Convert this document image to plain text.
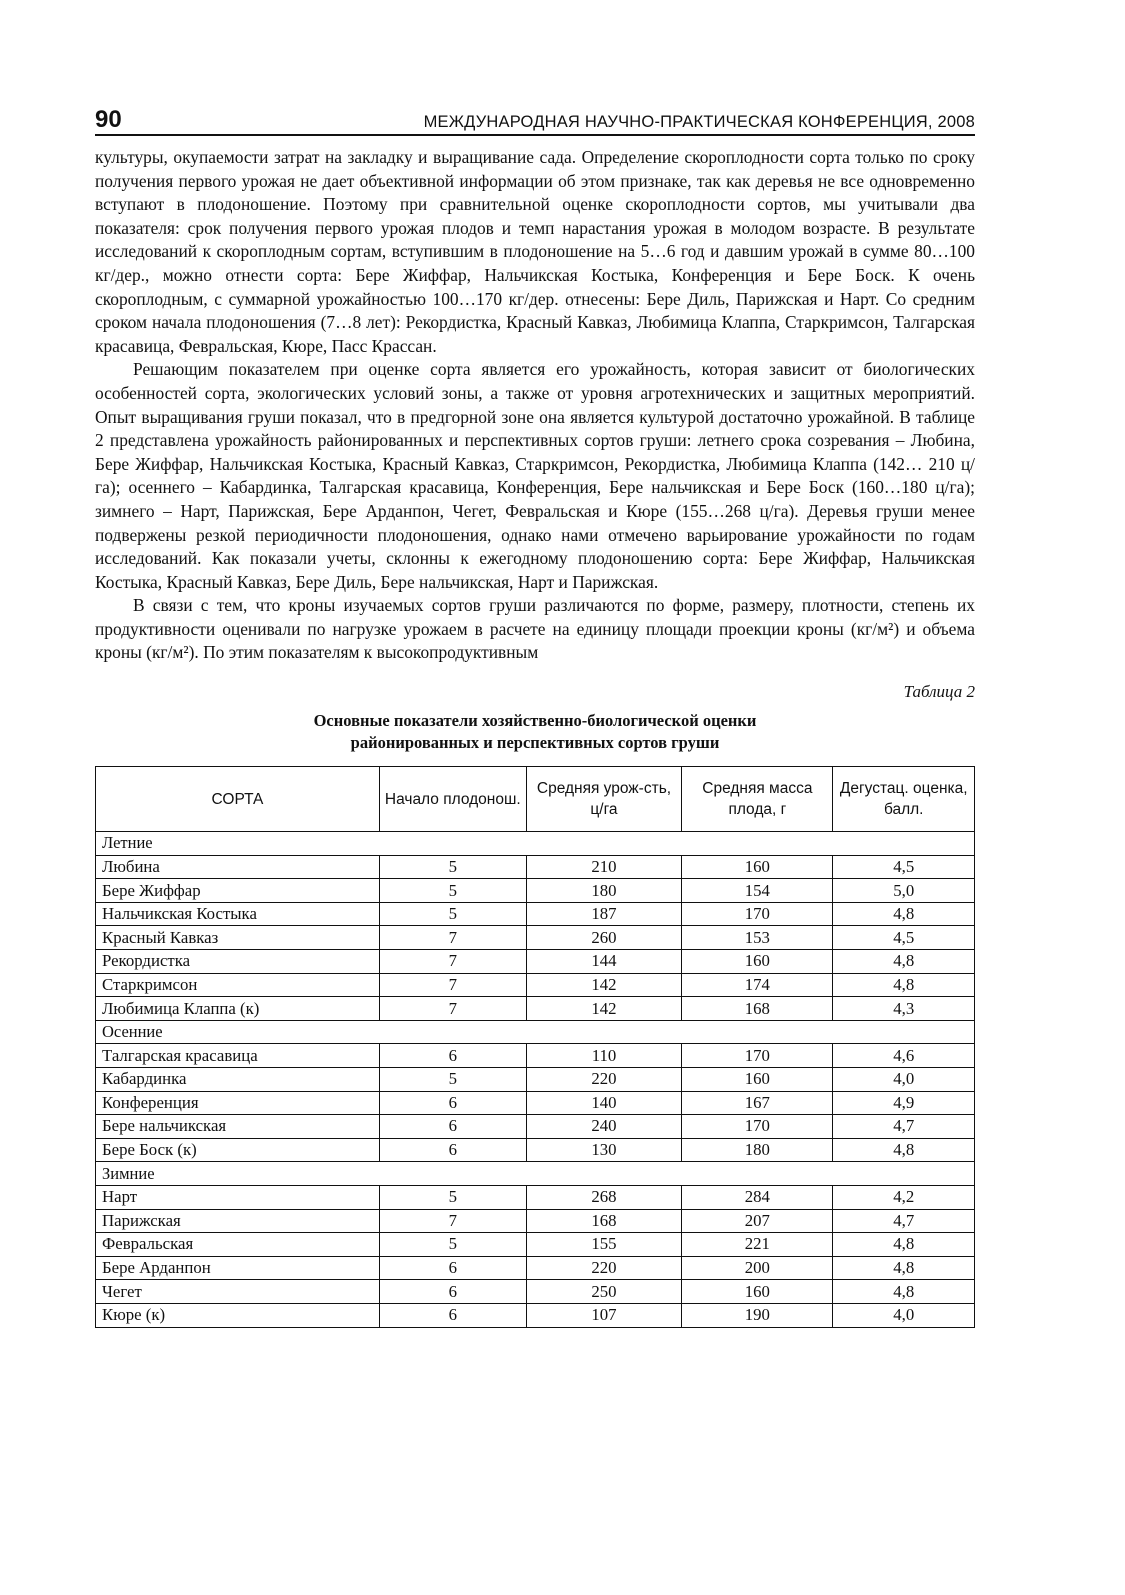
90	МЕЖДУНАРОДНАЯ НАУЧНО-ПРАКТИЧЕСКАЯ КОНФЕРЕНЦИЯ, 2008

культуры, окупаемости затрат на закладку и выращивание сада. Определение скороплодности сорта только по сроку получения первого урожая не дает объективной информации об этом признаке, так как деревья не все одновременно вступают в плодоношение. Поэтому при сравнительной оценке скороплодности сортов, мы учитывали два показателя: срок получения первого урожая плодов и темп нарастания урожая в молодом возрасте. В результате исследований к скороплодным сортам, вступившим в плодоношение на 5…6 год и давшим урожай в сумме 80…100 кг/дер., можно отнести сорта: Бере Жиффар, Нальчикская Костыка, Конференция и Бере Боск. К очень скороплодным, с суммарной урожайностью 100…170 кг/дер. отнесены: Бере Диль, Парижская и Нарт. Со средним сроком начала плодоношения (7…8 лет): Рекордистка, Красный Кавказ, Любимица Клаппа, Старкримсон, Талгарская красавица, Февральская, Кюре, Пасс Крассан.

Решающим показателем при оценке сорта является его урожайность, которая зависит от биологических особенностей сорта, экологических условий зоны, а также от уровня агротехнических и защитных мероприятий. Опыт выращивания груши показал, что в предгорной зоне она является культурой достаточно урожайной. В таблице 2 представлена урожайность районированных и перспективных сортов груши: летнего срока созревания – Любина, Бере Жиффар, Нальчикская Костыка, Красный Кавказ, Старкримсон, Рекордистка, Любимица Клаппа (142… 210 ц/га); осеннего – Кабардинка, Талгарская красавица, Конференция, Бере нальчикская и Бере Боск (160…180 ц/га); зимнего – Нарт, Парижская, Бере Арданпон, Чегет, Февральская и Кюре (155…268 ц/га). Деревья груши менее подвержены резкой периодичности плодоношения, однако нами отмечено варьирование урожайности по годам исследований. Как показали учеты, склонны к ежегодному плодоношению сорта: Бере Жиффар, Нальчикская Костыка, Красный Кавказ, Бере Диль, Бере нальчикская, Нарт и Парижская.

В связи с тем, что кроны изучаемых сортов груши различаются по форме, размеру, плотности, степень их продуктивности оценивали по нагрузке урожаем в расчете на единицу площади проекции кроны (кг/м²) и объема кроны (кг/м²). По этим показателям к высокопродуктивным

Таблица 2
Основные показатели хозяйственно-биологической оценки
районированных и перспективных сортов груши
СОРТА	Начало плодонош.	Средняя урож-сть, ц/га	Средняя масса плода, г	Дегустац. оценка, балл.
Летние				
Любина	5	210	160	4,5
Бере Жиффар	5	180	154	5,0
Нальчикская Костыка	5	187	170	4,8
Красный Кавказ	7	260	153	4,5
Рекордистка	7	144	160	4,8
Старкримсон	7	142	174	4,8
Любимица Клаппа (к)	7	142	168	4,3
Осенние				
Талгарская красавица	6	110	170	4,6
Кабардинка	5	220	160	4,0
Конференция	6	140	167	4,9
Бере нальчикская	6	240	170	4,7
Бере Боск (к)	6	130	180	4,8
Зимние				
Нарт	5	268	284	4,2
Парижская	7	168	207	4,7
Февральская	5	155	221	4,8
Бере Арданпон	6	220	200	4,8
Чегет	6	250	160	4,8
Кюре (к)	6	107	190	4,0
